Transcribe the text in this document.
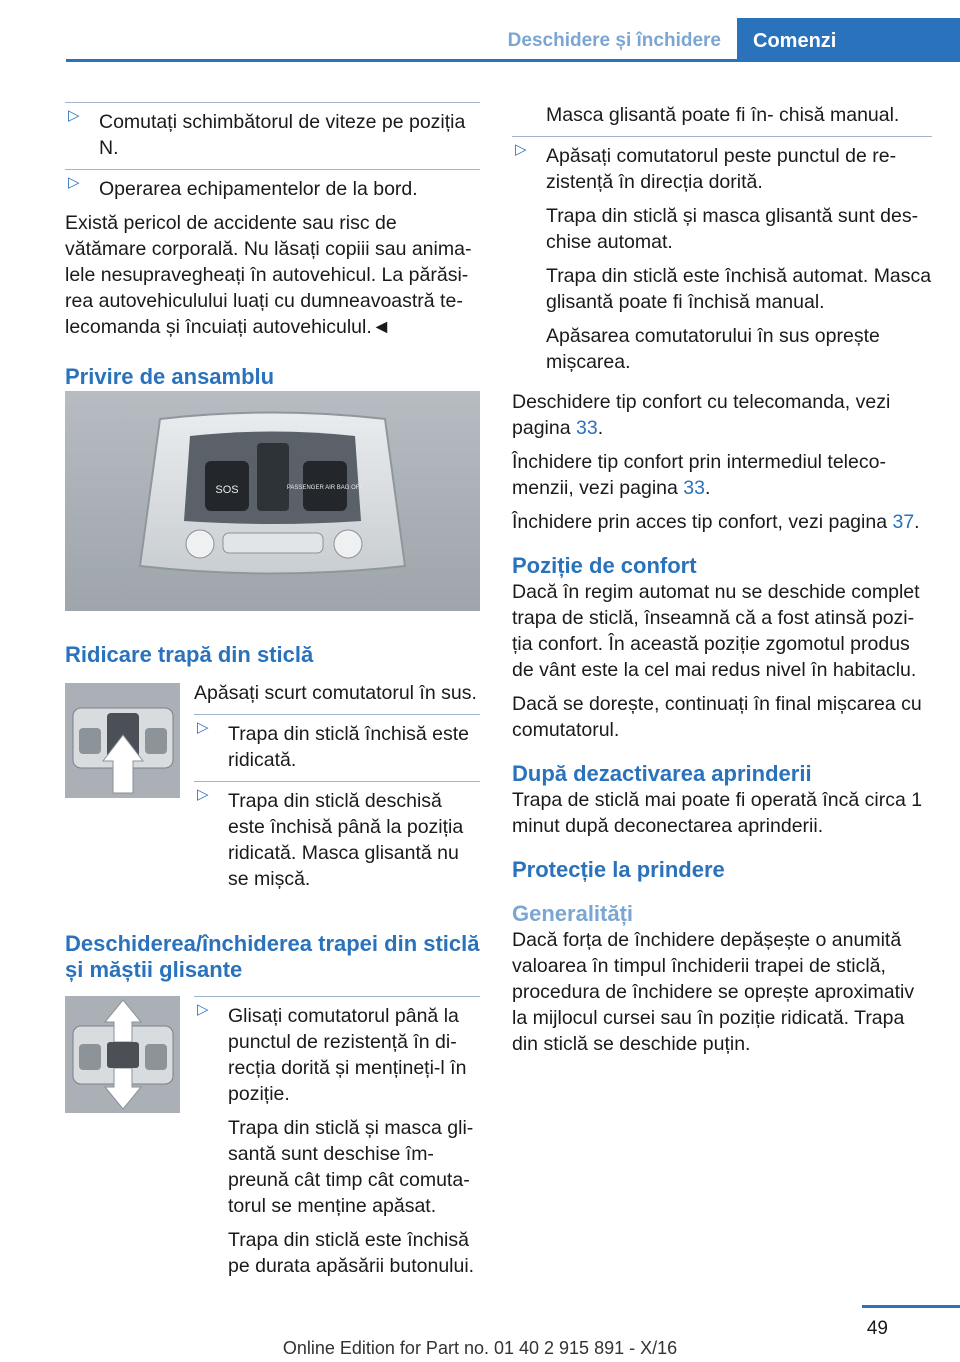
Deschidere și închidere	Comenzi
▷ Comutați schimbătorul de viteze pe poziția N.
▷ Operarea echipamentelor de la bord.

Există pericol de accidente sau risc de vătămare corporală. Nu lăsați copiii sau anima- lele nesupravegheați în autovehicul. La părăsi- rea autovehiculului luați cu dumneavoastră te- lecomanda și încuiați autovehiculul.◄

Privire de ansamblu
SOS	PASSENGER AIR BAG OFF
Ridicare trapă din sticlă

Apăsați scurt comutatorul în sus.

▷ Trapa din sticlă închisă este ridicată.
▷ Trapa din sticlă deschisă este închisă până la poziția ridicată. Masca glisantă nu se mișcă.
Deschiderea/închiderea trapei din sticlă și măștii glisante
▷ Glisați comutatorul până la punctul de rezistență în di- recția dorită și mențineți-l în poziție.

Trapa din sticlă și masca gli- santă sunt deschise îm- preună cât timp cât comuta- torul se menține apăsat.

Trapa din sticlă este închisă pe durata apăsării butonului.

Masca glisantă poate fi în- chisă manual.

▷ Apăsați comutatorul peste punctul de re- zistență în direcția dorită.

Trapa din sticlă și masca glisantă sunt des- chise automat.

Trapa din sticlă este închisă automat. Masca glisantă poate fi închisă manual.

Apăsarea comutatorului în sus oprește mișcarea.

Deschidere tip confort cu telecomanda, vezi pagina 33.

Închidere tip confort prin intermediul teleco- menzii, vezi pagina 33.

Închidere prin acces tip confort, vezi pagina 37.

Poziție de confort

Dacă în regim automat nu se deschide complet trapa de sticlă, înseamnă că a fost atinsă pozi- ția confort. În această poziție zgomotul produs de vânt este la cel mai redus nivel în habitaclu.

Dacă se dorește, continuați în final mișcarea cu comutatorul.

După dezactivarea aprinderii

Trapa de sticlă mai poate fi operată încă circa 1 minut după deconectarea aprinderii.

Protecție la prindere
Generalități

Dacă forța de închidere depășește o anumită valoarea în timpul închiderii trapei de sticlă, procedura de închidere se oprește aproximativ la mijlocul cursei sau în poziție ridicată. Trapa din sticlă se deschide puțin.

49
Online Edition for Part no. 01 40 2 915 891 - X/16
